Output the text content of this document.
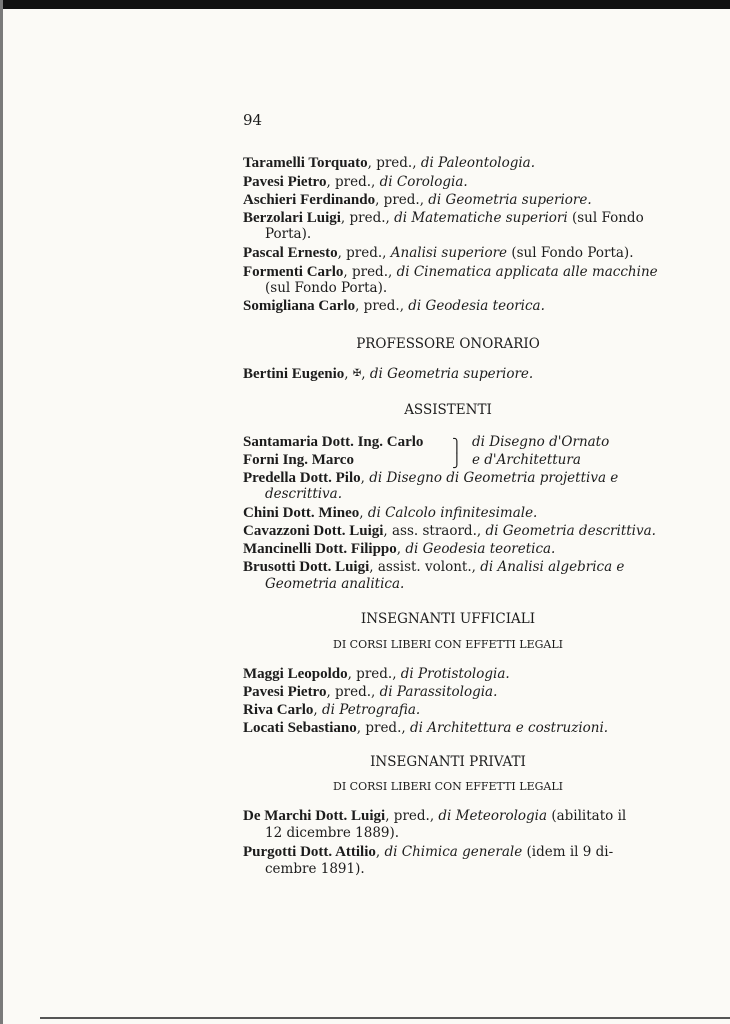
94
Taramelli Torquato, pred., di Paleontologia.
Pavesi Pietro, pred., di Corologia.
Aschieri Ferdinando, pred., di Geometria superiore.
Berzolari Luigi, pred., di Matematiche superiori (sul Fondo
Porta).
Pascal Ernesto, pred., Analisi superiore (sul Fondo Porta).
Formenti Carlo, pred., di Cinematica applicata alle macchine
(sul Fondo Porta).
Somigliana Carlo, pred., di Geodesia teorica.
PROFESSORE ONORARIO
Bertini Eugenio, ✠, di Geometria superiore.
ASSISTENTI
Santamaria Dott. Ing. Carlo	di Disegno d'Ornato
⎫
⎭
Forni Ing. Marco	e d'Architettura
Predella Dott. Pilo, di Disegno di Geometria projettiva e
descrittiva.
Chini Dott. Mineo, di Calcolo infinitesimale.
Cavazzoni Dott. Luigi, ass. straord., di Geometria descrittiva.
Mancinelli Dott. Filippo, di Geodesia teoretica.
Brusotti Dott. Luigi, assist. volont., di Analisi algebrica e
Geometria analitica.
INSEGNANTI UFFICIALI
DI CORSI LIBERI CON EFFETTI LEGALI
Maggi Leopoldo, pred., di Protistologia.
Pavesi Pietro, pred., di Parassitologia.
Riva Carlo, di Petrografia.
Locati Sebastiano, pred., di Architettura e costruzioni.
INSEGNANTI PRIVATI
DI CORSI LIBERI CON EFFETTI LEGALI
De Marchi Dott. Luigi, pred., di Meteorologia (abilitato il
12 dicembre 1889).
Purgotti Dott. Attilio, di Chimica generale (idem il 9 di-
cembre 1891).
